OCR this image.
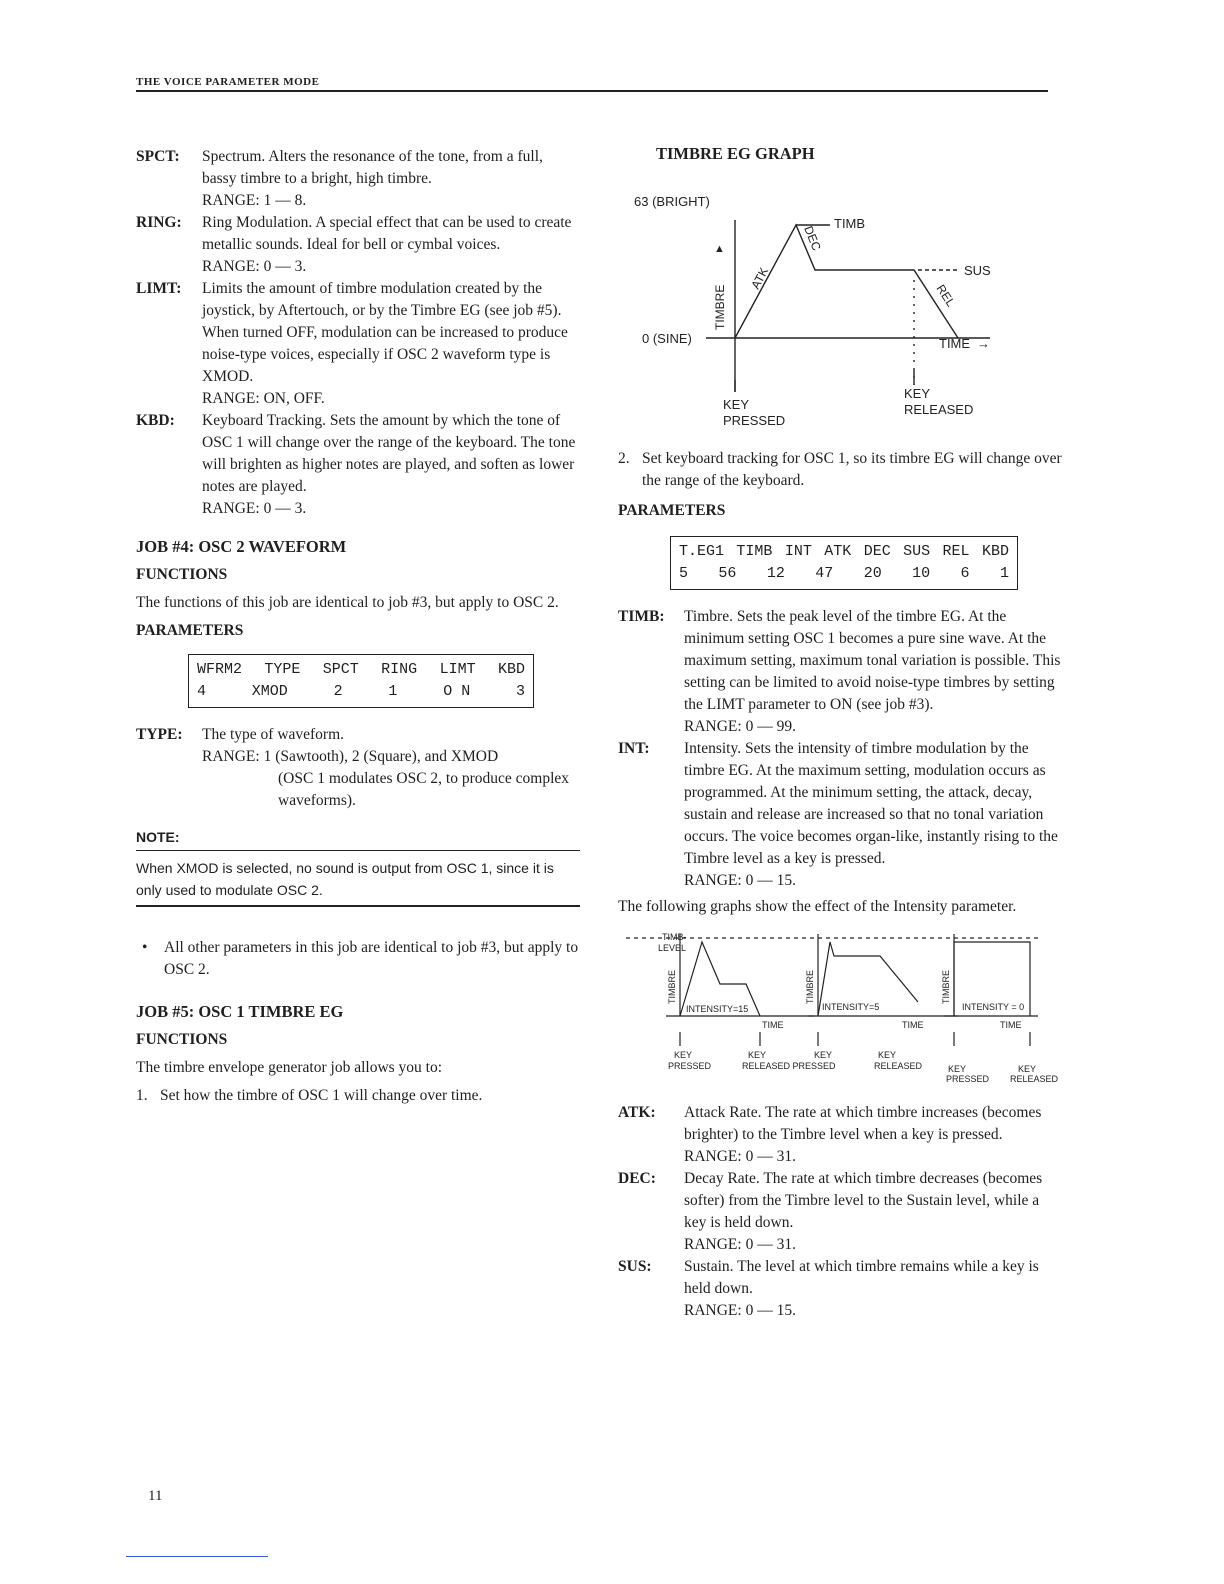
THE VOICE PARAMETER MODE
SPCT:	Spectrum. Alters the resonance of the tone, from a full, bassy timbre to a bright, high timbre.
RANGE: 1 — 8.
RING:	Ring Modulation. A special effect that can be used to create metallic sounds. Ideal for bell or cymbal voices.
RANGE: 0 — 3.
LIMT:	Limits the amount of timbre modulation created by the joystick, by Aftertouch, or by the Timbre EG (see job #5). When turned OFF, modulation can be increased to produce noise-type voices, especially if OSC 2 waveform type is XMOD.
RANGE: ON, OFF.
KBD:	Keyboard Tracking. Sets the amount by which the tone of OSC 1 will change over the range of the keyboard. The tone will brighten as higher notes are played, and soften as lower notes are played.
RANGE: 0 — 3.
JOB #4: OSC 2 WAVEFORM
FUNCTIONS

The functions of this job are identical to job #3, but apply to OSC 2.

PARAMETERS
WFRM2 TYPE SPCT RING LIMT KBD
4	XMOD	2	1	O N	3
TYPE:	The type of waveform.
RANGE: 1 (Sawtooth), 2 (Square), and XMOD
(OSC 1 modulates OSC 2, to produce complex waveforms).
NOTE:
When XMOD is selected, no sound is output from OSC 1, since it is only used to modulate OSC 2.
•	All other parameters in this job are identical to job #3, but apply to OSC 2.
JOB #5: OSC 1 TIMBRE EG
FUNCTIONS

The timbre envelope generator job allows you to:

1. Set how the timbre of OSC 1 will change over time.
TIMBRE EG GRAPH
63 (BRIGHT)
0 (SINE)
TIMB
SUS
TIME →
▲
TIMBRE
ATK
DEC
REL
KEY
PRESSED
KEY
RELEASED
2. Set keyboard tracking for OSC 1, so its timbre EG will change over the range of the keyboard.
PARAMETERS
T.EG1 TIMB INT ATK DEC SUS REL KBD
5 56 12 47 20 10 6 1
TIMB:	Timbre. Sets the peak level of the timbre EG. At the minimum setting OSC 1 becomes a pure sine wave. At the maximum setting, maximum tonal variation is possible. This setting can be limited to avoid noise-type timbres by setting the LIMT parameter to ON (see job #3).
RANGE: 0 — 99.
INT:	Intensity. Sets the intensity of timbre modulation by the timbre EG. At the maximum setting, modulation occurs as programmed. At the minimum setting, the attack, decay, sustain and release are increased so that no tonal variation occurs. The voice becomes organ-like, instantly rising to the Timbre level as a key is pressed.
RANGE: 0 — 15.

The following graphs show the effect of the Intensity parameter.

TIMB-
LEVEL
TIMBRE	TIMBRE	TIMBRE
INTENSITY=15	INTENSITY=5	INTENSITY = 0
TIME	TIME	TIME
KEY
PRESSED
KEY
RELEASED PRESSED
KEY	KEY
RELEASED	KEY
PRESSED
KEY
RELEASED
ATK:	Attack Rate. The rate at which timbre increases (becomes brighter) to the Timbre level when a key is pressed.
RANGE: 0 — 31.
DEC:	Decay Rate. The rate at which timbre decreases (becomes softer) from the Timbre level to the Sustain level, while a key is held down.
RANGE: 0 — 31.
SUS:	Sustain. The level at which timbre remains while a key is held down.
RANGE: 0 — 15.
11
